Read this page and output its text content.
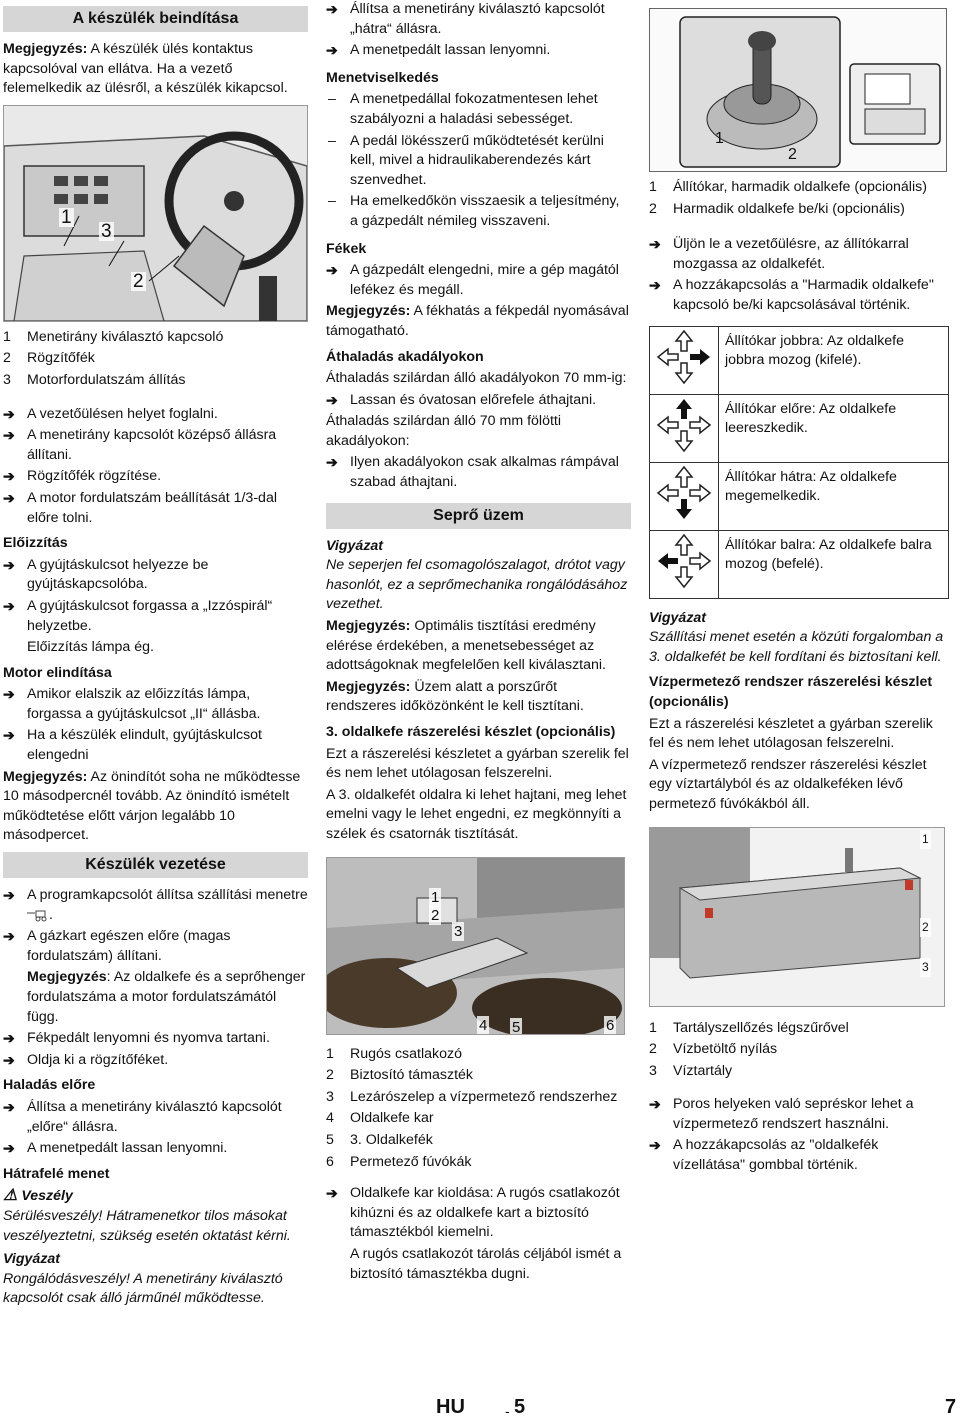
A készülék beindítása
Megjegyzés: A készülék ülés kontaktus kapcsolóval van ellátva. Ha a vezető felemelkedik az ülésről, a készülék kikapcsol.
1
3
2
1	Menetirány kiválasztó kapcsoló
2	Rögzítőfék
3	Motorfordulatszám állítás
➔ A vezetőülésen helyet foglalni.
➔ A menetirány kapcsolót középső állásra állítani.
➔ Rögzítőfék rögzítése.
➔ A motor fordulatszám beállítását 1/3-dal előre tolni.
Előizzítás
➔ A gyújtáskulcsot helyezze be gyújtáskapcsolóba.
➔ A gyújtáskulcsot forgassa a „Izzóspirál“ helyzetbe.
Előizzítás lámpa ég.
Motor elindítása
➔ Amikor elalszik az előizzítás lámpa, forgassa a gyújtáskulcsot „II“ állásba.
➔ Ha a készülék elindult, gyújtáskulcsot elengedni
Megjegyzés: Az önindítót soha ne működtesse 10 másodpercnél tovább. Az önindító ismételt működtetése előtt várjon legalább 10 másodpercet.
Készülék vezetése
➔ A programkapcsolót állítsa szállítási menetre .
➔ A gázkart egészen előre (magas fordulatszám) állítani.
Megjegyzés: Az oldalkefe és a seprőhenger fordulatszáma a motor fordulatszámától függ.
➔ Fékpedált lenyomni és nyomva tartani.
➔ Oldja ki a rögzítőféket.
Haladás előre
➔ Állítsa a menetirány kiválasztó kapcsolót „előre“ állásra.
➔ A menetpedált lassan lenyomni.
Hátrafelé menet
⚠ Veszély
Sérülésveszély! Hátramenetkor tilos másokat veszélyeztetni, szükség esetén oktatást kérni.
Vigyázat
Rongálódásveszély! A menetirány kiválasztó kapcsolót csak álló járműnél működtesse.
➔ Állítsa a menetirány kiválasztó kapcsolót „hátra“ állásra.
➔ A menetpedált lassan lenyomni.
Menetviselkedés
– A menetpedállal fokozatmentesen lehet szabályozni a haladási sebességet.
– A pedál lökésszerű működtetését kerülni kell, mivel a hidraulikaberendezés kárt szenvedhet.
– Ha emelkedőkön visszaesik a teljesítmény, a gázpedált némileg visszaveni.
Fékek
➔ A gázpedált elengedni, mire a gép magától lefékez és megáll.
Megjegyzés: A fékhatás a fékpedál nyomásával támogatható.
Áthaladás akadályokon
Áthaladás szilárdan álló akadályokon 70 mm-ig:
➔ Lassan és óvatosan előrefele áthajtani.
Áthaladás szilárdan álló 70 mm fölötti akadályokon:
➔ Ilyen akadályokon csak alkalmas rámpával szabad áthajtani.
Seprő üzem
Vigyázat
Ne seperjen fel csomagolószalagot, drótot vagy hasonlót, ez a seprőmechanika rongálódásához vezethet.
Megjegyzés: Optimális tisztítási eredmény elérése érdekében, a menetsebességet az adottságoknak megfelelően kell kiválasztani.
Megjegyzés: Üzem alatt a porszűrőt rendszeres időközönként le kell tisztítani.
3. oldalkefe rászerelési készlet (opcionális)
Ezt a rászerelési készletet a gyárban szerelik fel és nem lehet utólagosan felszerelni.
A 3. oldalkefét oldalra ki lehet hajtani, meg lehet emelni vagy le lehet engedni, ez megkönnyíti a szélek és csatornák tisztítását.
1
2
3
4 5	6
1	Rugós csatlakozó
2	Biztosító támaszték
3	Lezárószelep a vízpermetező rendszerhez
4	Oldalkefe kar
5	3. Oldalkefék
6	Permetező fúvókák
➔ Oldalkefe kar kioldása: A rugós csatlakozót kihúzni és az oldalkefe kart a biztosító támasztékból kiemelni.
A rugós csatlakozót tárolás céljából ismét a biztosító támasztékba dugni.
1
2
1	Állítókar, harmadik oldalkefe (opcionális)
2	Harmadik oldalkefe be/ki (opcionális)
➔ Üljön le a vezetőülésre, az állítókarral mozgassa az oldalkefét.
➔ A hozzákapcsolás a "Harmadik oldalkefe" kapcsoló be/ki kapcsolásával történik.
	Állítókar jobbra: Az oldalkefe jobbra mozog (kifelé).
	Állítókar előre: Az oldalkefe leereszkedik.
	Állítókar hátra: Az oldalkefe megemelkedik.
	Állítókar balra: Az oldalkefe balra mozog (befelé).
Vigyázat
Szállítási menet esetén a közúti forgalomban a 3. oldalkefét be kell fordítani és biztosítani kell.
Vízpermetező rendszer rászerelési készlet (opcionális)
Ezt a rászerelési készletet a gyárban szerelik fel és nem lehet utólagosan felszerelni.
A vízpermetező rendszer rászerelési készlet egy víztartályból és az oldalkeféken lévő permetező fúvókákból áll.
1
2
3
1	Tartályszellőzés légszűrővel
2	Vízbetöltő nyílás
3	Víztartály
➔ Poros helyeken való sepréskor lehet a vízpermetező rendszert használni.
➔ A hozzákapcsolás az "oldalkefék vízellátása" gombbal történik.
HU	- 5	7
